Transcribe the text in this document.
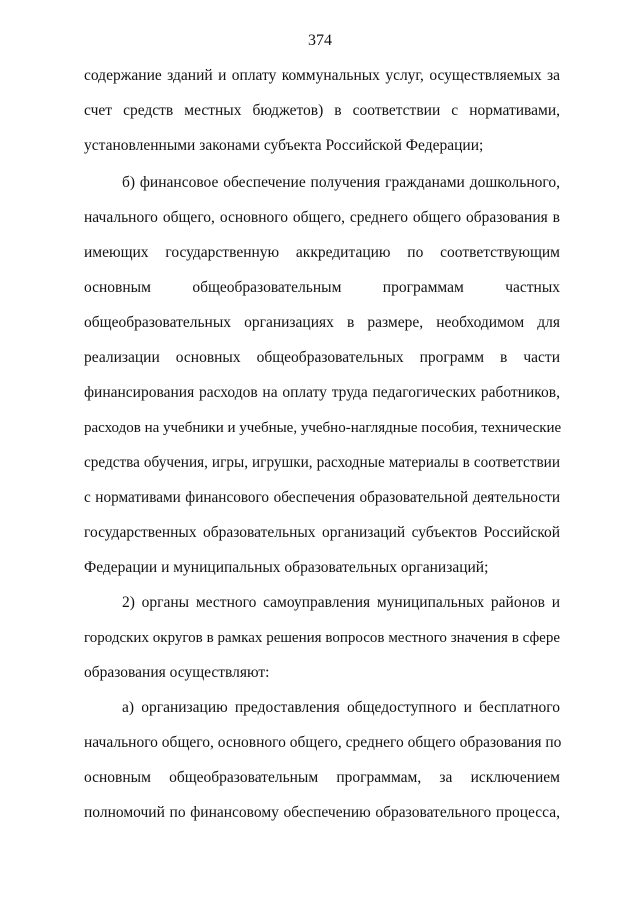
374
содержание зданий и оплату коммунальных услуг, осуществляемых за
счет средств местных бюджетов) в соответствии с нормативами,
установленными законами субъекта Российской Федерации;
б) финансовое обеспечение получения гражданами дошкольного,
начального общего, основного общего, среднего общего образования в
имеющих государственную аккредитацию по соответствующим
основным общеобразовательным программам частных
общеобразовательных организациях в размере, необходимом для
реализации основных общеобразовательных программ в части
финансирования расходов на оплату труда педагогических работников,
расходов на учебники и учебные, учебно-наглядные пособия, технические
средства обучения, игры, игрушки, расходные материалы в соответствии
с нормативами финансового обеспечения образовательной деятельности
государственных образовательных организаций субъектов Российской
Федерации и муниципальных образовательных организаций;
2) органы местного самоуправления муниципальных районов и
городских округов в рамках решения вопросов местного значения в сфере
образования осуществляют:
а) организацию предоставления общедоступного и бесплатного
начального общего, основного общего, среднего общего образования по
основным общеобразовательным программам, за исключением
полномочий по финансовому обеспечению образовательного процесса,
